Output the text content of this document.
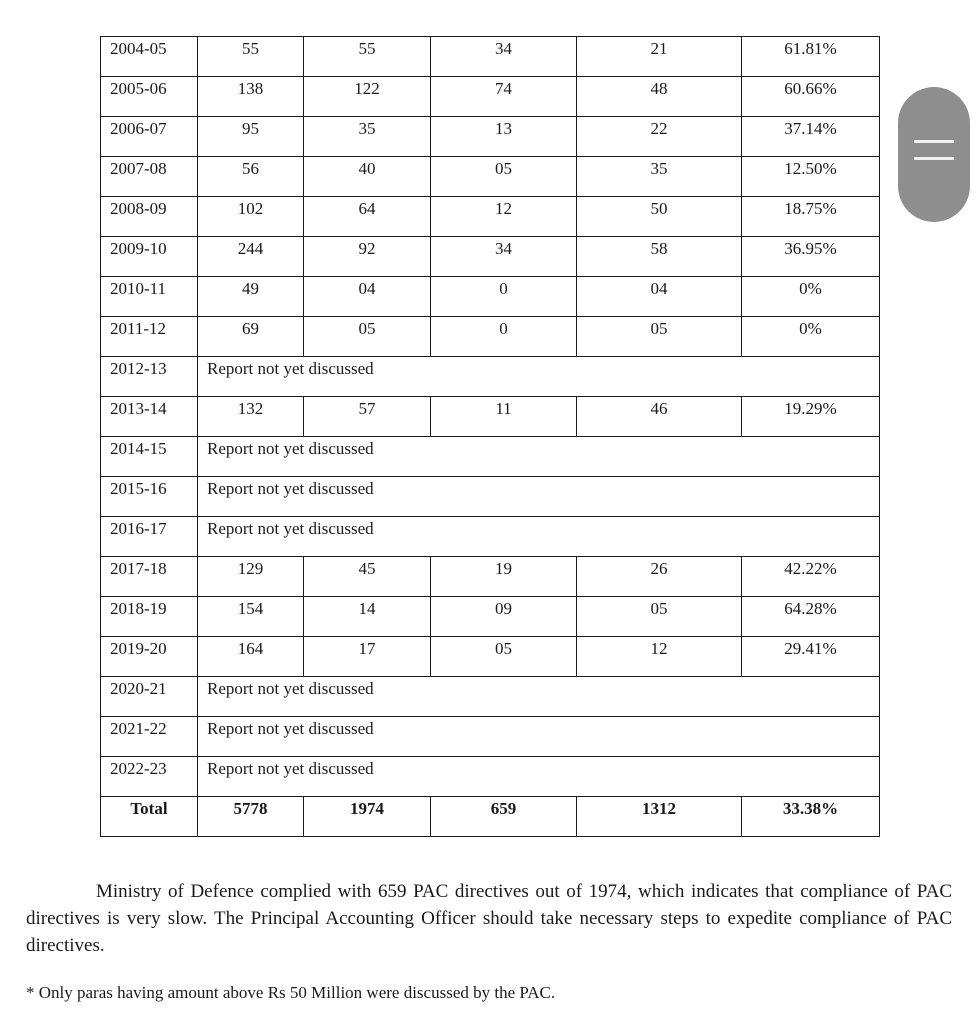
2004-05	55	55	34	21	61.81%
2005-06	138	122	74	48	60.66%
2006-07	95	35	13	22	37.14%
2007-08	56	40	05	35	12.50%
2008-09	102	64	12	50	18.75%
2009-10	244	92	34	58	36.95%
2010-11	49	04	0	04	0%
2011-12	69	05	0	05	0%
2012-13	Report not yet discussed				
2013-14	132	57	11	46	19.29%
2014-15	Report not yet discussed				
2015-16	Report not yet discussed				
2016-17	Report not yet discussed				
2017-18	129	45	19	26	42.22%
2018-19	154	14	09	05	64.28%
2019-20	164	17	05	12	29.41%
2020-21	Report not yet discussed				
2021-22	Report not yet discussed				
2022-23	Report not yet discussed				
Total	5778	1974	659	1312	33.38%

Ministry of Defence complied with 659 PAC directives out of 1974, which indicates that compliance of PAC directives is very slow. The Principal Accounting Officer should take necessary steps to expedite compliance of PAC directives.

* Only paras having amount above Rs 50 Million were discussed by the PAC.
